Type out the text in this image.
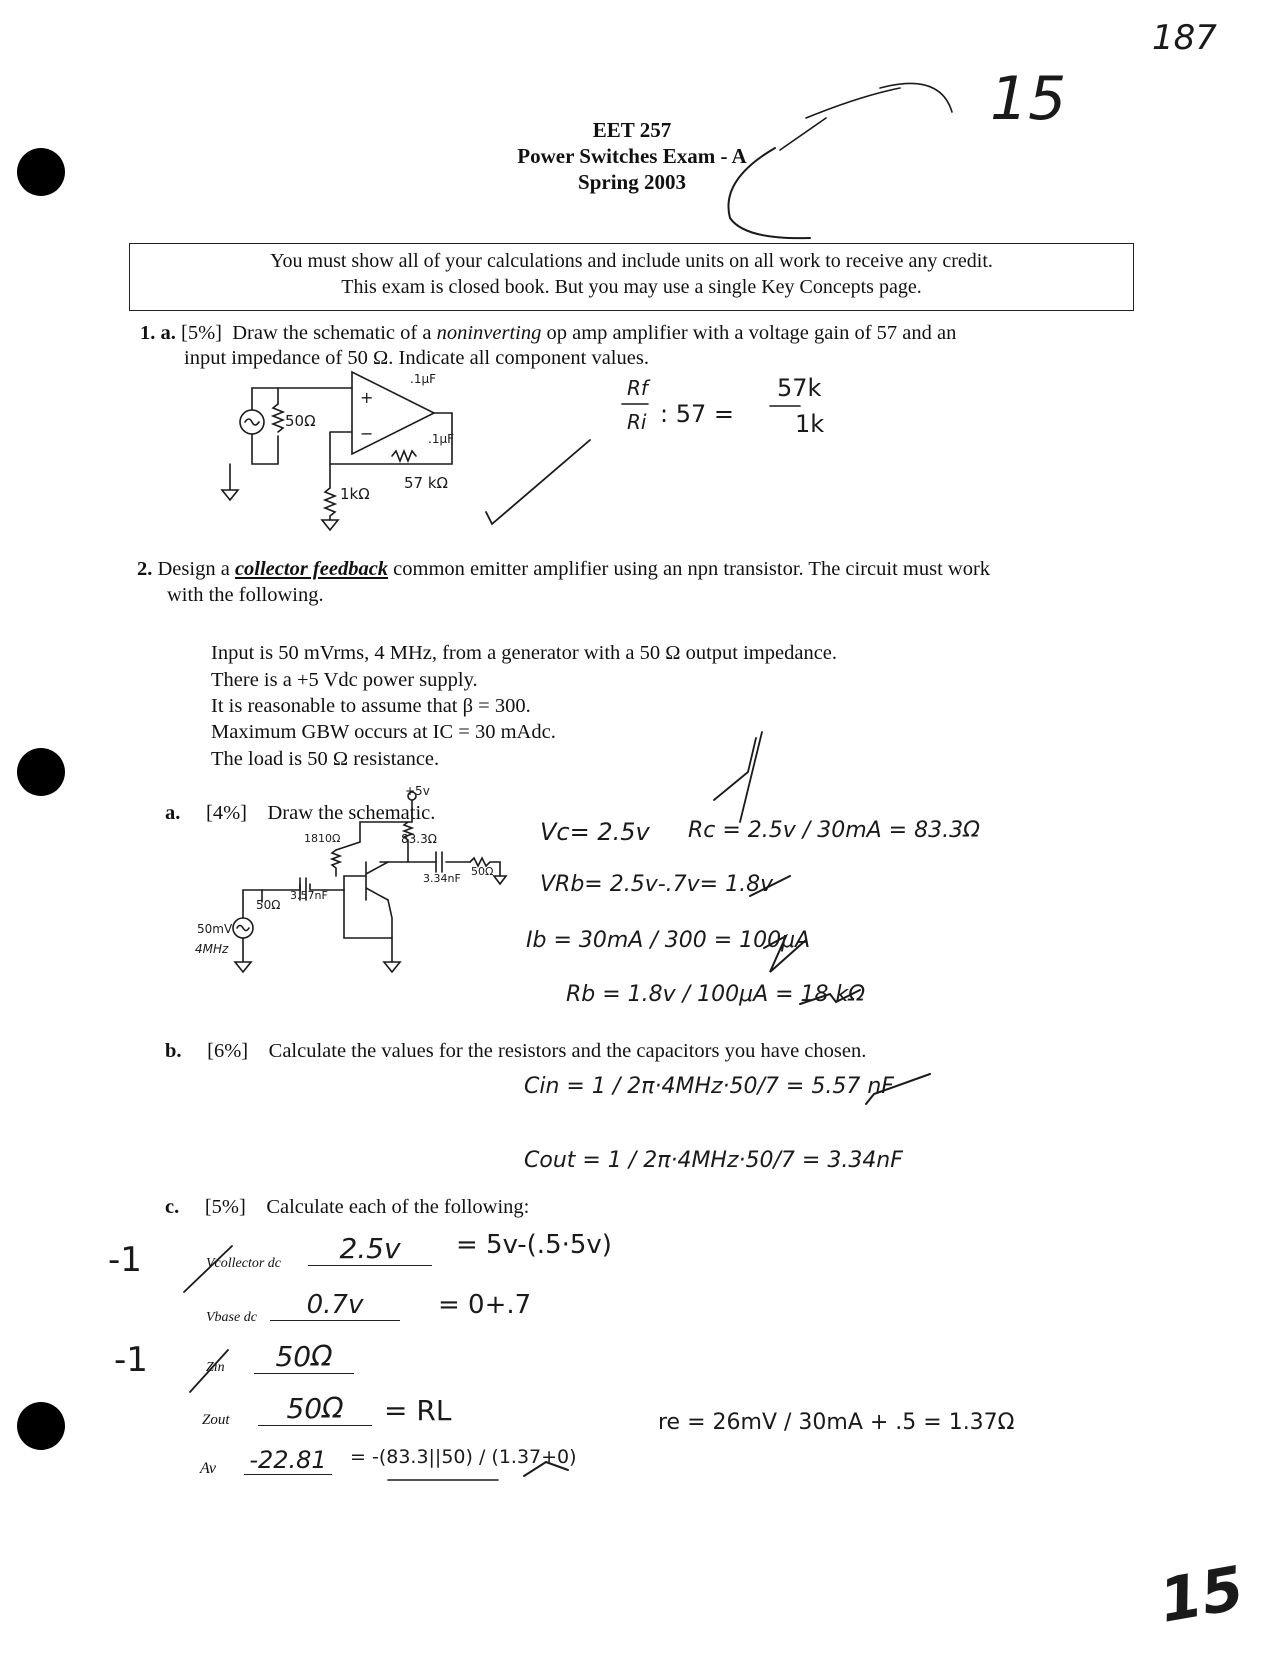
187
15
EET 257
Power Switches Exam - A
Spring 2003
You must show all of your calculations and include units on all work to receive any credit.
This exam is closed book. But you may use a single Key Concepts page.
1. a. [5%] Draw the schematic of a noninverting op amp amplifier with a voltage gain of 57 and an
input impedance of 50 Ω. Indicate all component values.
Rf
Ri : 57 =
57k
1k
50Ω
1kΩ
57 kΩ
.1μF
.1μF
+
−
2. Design a collector feedback common emitter amplifier using an npn transistor. The circuit must work
with the following.
Input is 50 mVrms, 4 MHz, from a generator with a 50 Ω output impedance.
There is a +5 Vdc power supply.
It is reasonable to assume that β = 300.
Maximum GBW occurs at IC = 30 mAdc.
The load is 50 Ω resistance.
a. [4%] Draw the schematic.
+5v
1810Ω	83.3Ω
3.34nF
50Ω
50Ω
3.57nF
50mV
4MHz
Vc= 2.5v Rc = 2.5v / 30mA = 83.3Ω
VRb= 2.5v-.7v= 1.8v
Ib = 30mA / 300 = 100μA
Rb = 1.8v / 100μA = 18 kΩ
b. [6%] Calculate the values for the resistors and the capacitors you have chosen.
Cin = 1 / 2π·4MHz·50/7 = 5.57 nF
Cout = 1 / 2π·4MHz·50/7 = 3.34nF
c. [5%] Calculate each of the following:
-1	Vcollector dc	2.5v	= 5v-(.5·5v)
Vbase dc	0.7v	= 0+.7
-1	Zin	50Ω
Zout	50Ω	= RL
Av -22.81 = -(83.3||50) / (1.37+0)
re = 26mV / 30mA + .5 = 1.37Ω
15
